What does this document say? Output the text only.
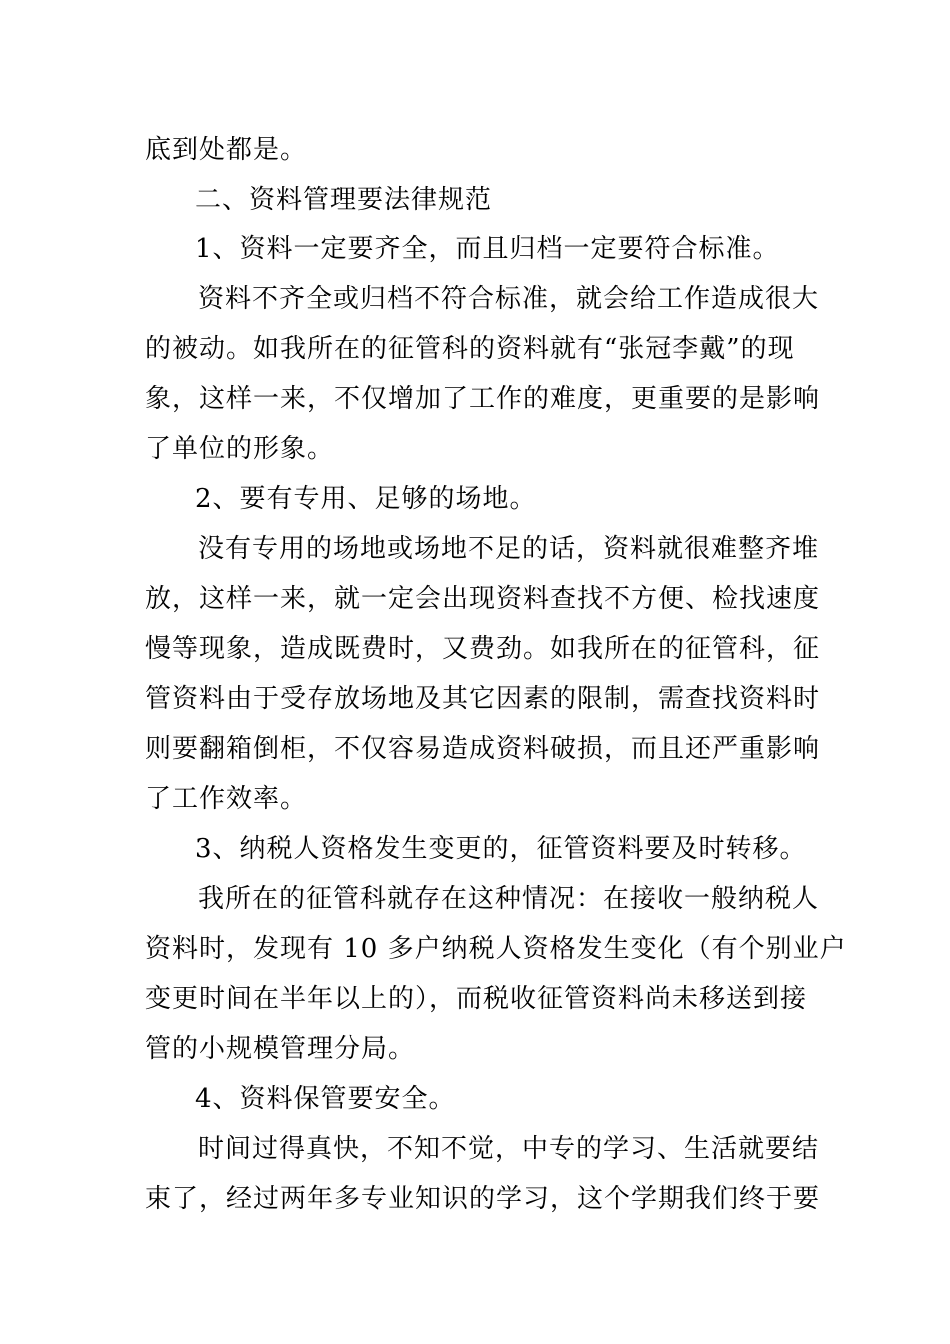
底到处都是。
二、资料管理要法律规范
1、资料一定要齐全，而且归档一定要符合标准。
资料不齐全或归档不符合标准，就会给工作造成很大
的被动。如我所在的征管科的资料就有“张冠李戴”的现
象，这样一来，不仅增加了工作的难度，更重要的是影响
了单位的形象。
2、要有专用、足够的场地。
没有专用的场地或场地不足的话，资料就很难整齐堆
放，这样一来，就一定会出现资料查找不方便、检找速度
慢等现象，造成既费时，又费劲。如我所在的征管科，征
管资料由于受存放场地及其它因素的限制，需查找资料时
则要翻箱倒柜，不仅容易造成资料破损，而且还严重影响
了工作效率。
3、纳税人资格发生变更的，征管资料要及时转移。
我所在的征管科就存在这种情况：在接收一般纳税人
资料时，发现有 10 多户纳税人资格发生变化（有个别业户
变更时间在半年以上的），而税收征管资料尚未移送到接
管的小规模管理分局。
4、资料保管要安全。
时间过得真快，不知不觉，中专的学习、生活就要结
束了，经过两年多专业知识的学习，这个学期我们终于要
